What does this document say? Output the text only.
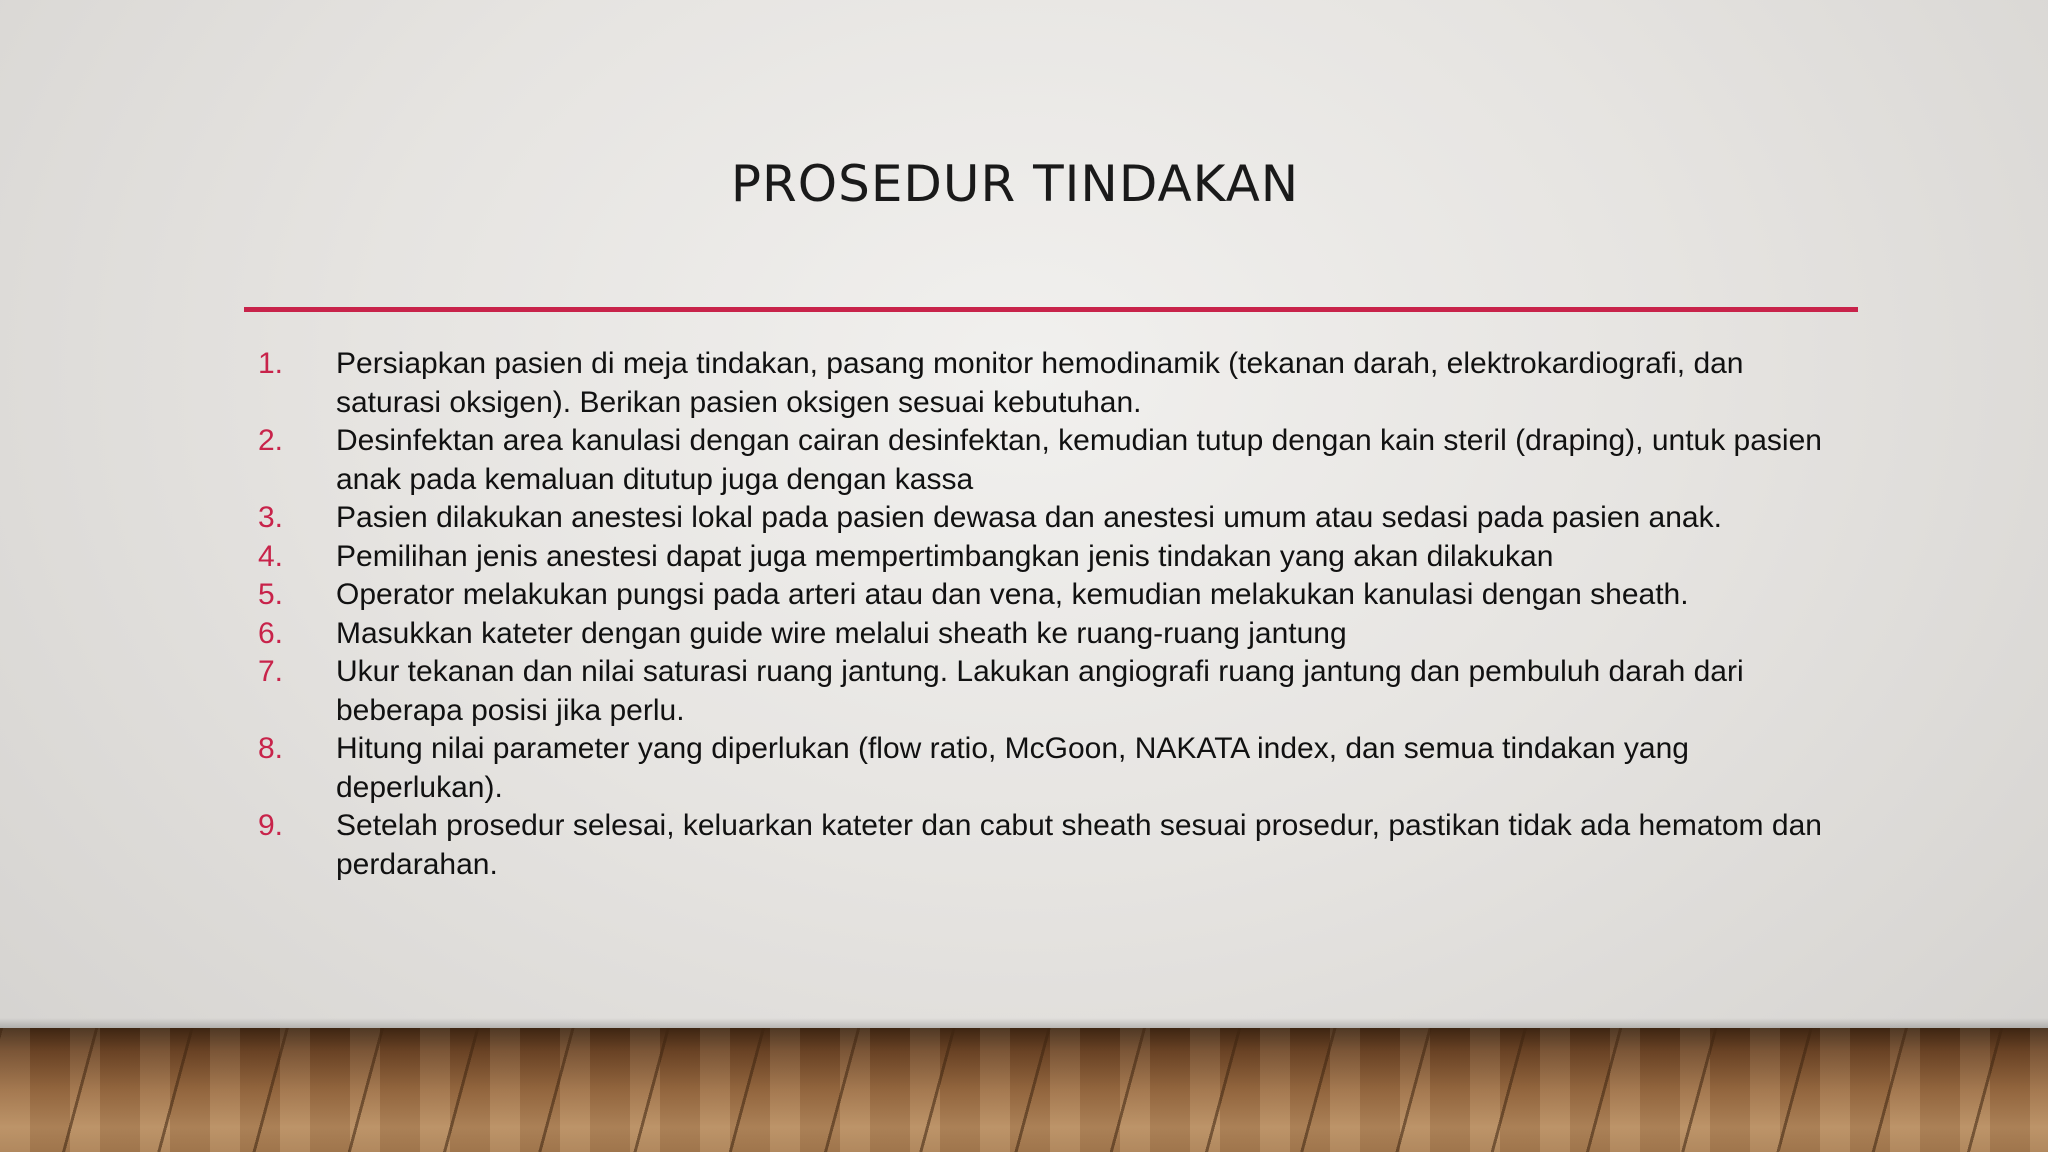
PROSEDUR TINDAKAN
1.	Persiapkan pasien di meja tindakan, pasang monitor hemodinamik (tekanan darah, elektrokardiografi, dan saturasi oksigen). Berikan pasien oksigen sesuai kebutuhan.
2.	Desinfektan area kanulasi dengan cairan desinfektan, kemudian tutup dengan kain steril (draping), untuk pasien anak pada kemaluan ditutup juga dengan kassa
3.	Pasien dilakukan anestesi lokal pada pasien dewasa dan anestesi umum atau sedasi pada pasien anak.
4.	Pemilihan jenis anestesi dapat juga mempertimbangkan jenis tindakan yang akan dilakukan
5.	Operator melakukan pungsi pada arteri atau dan vena, kemudian melakukan kanulasi dengan sheath.
6.	Masukkan kateter dengan guide wire melalui sheath ke ruang-ruang jantung
7.	Ukur tekanan dan nilai saturasi ruang jantung. Lakukan angiografi ruang jantung dan pembuluh darah dari beberapa posisi jika perlu.
8.	Hitung nilai parameter yang diperlukan (flow ratio, McGoon, NAKATA index, dan semua tindakan yang deperlukan).
9.	Setelah prosedur selesai, keluarkan kateter dan cabut sheath sesuai prosedur, pastikan tidak ada hematom dan perdarahan.
